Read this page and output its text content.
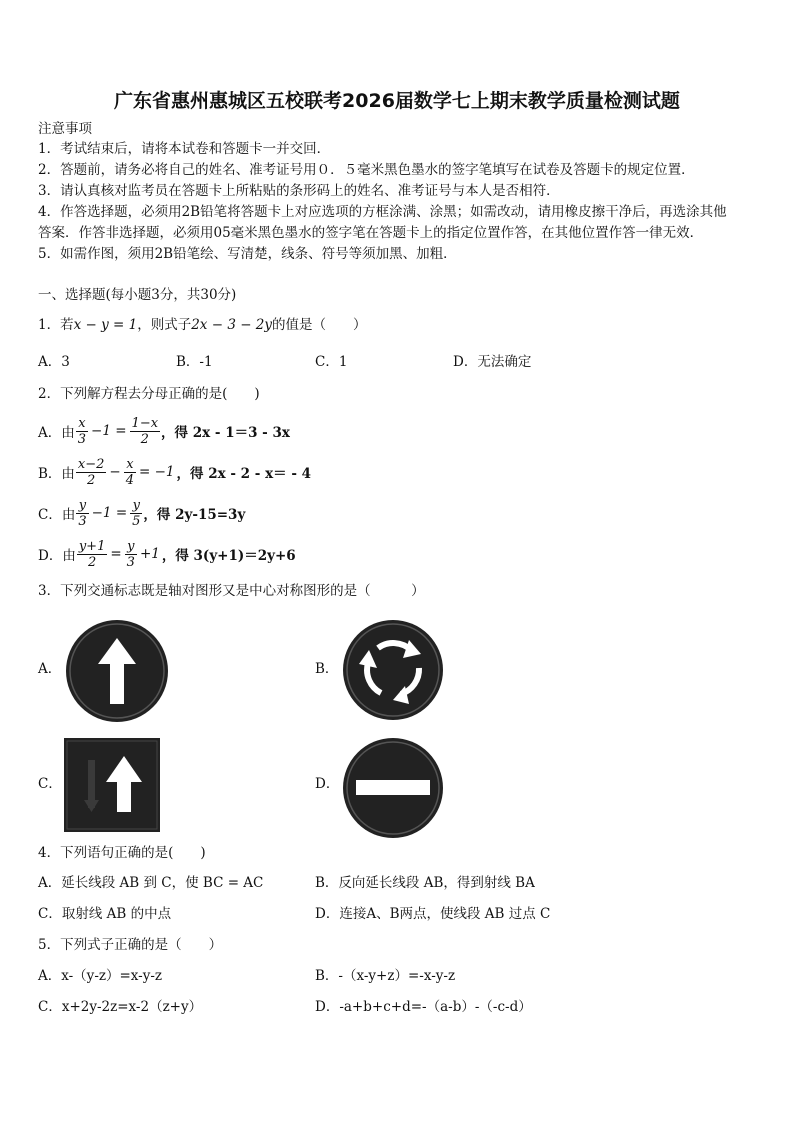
广东省惠州惠城区五校联考2026届数学七上期末教学质量检测试题
注意事项
1．考试结束后，请将本试卷和答题卡一并交回．
2．答题前，请务必将自己的姓名、准考证号用０．５毫米黑色墨水的签字笔填写在试卷及答题卡的规定位置．
3．请认真核对监考员在答题卡上所粘贴的条形码上的姓名、准考证号与本人是否相符．
4．作答选择题，必须用2B铅笔将答题卡上对应选项的方框涂满、涂黑；如需改动，请用橡皮擦干净后，再选涂其他
答案．作答非选择题，必须用05毫米黑色墨水的签字笔在答题卡上的指定位置作答，在其他位置作答一律无效．
5．如需作图，须用2B铅笔绘、写清楚，线条、符号等须加黑、加粗．
一、选择题(每小题3分，共30分)
1．若x − y = 1，则式子2x − 3 − 2y的值是（　　）
A．3	B．-1	C．1	D．无法确定
2．下列解方程去分母正确的是(　　)
A．由 $\frac{x}{3} -1 = \frac{1-x}{2}$ ，得 2x - 1＝3 - 3x
B．由 $\frac{x-2}{2} - \frac{x}{4} = -1$ ，得 2x - 2 - x＝ - 4
C．由 $\frac{y}{3} -1 = \frac{y}{5}$ ，得 2y-15=3y
D．由 $\frac{y+1}{2} = \frac{y}{3} +1$ ，得 3(y+1)＝2y+6
3．下列交通标志既是轴对图形又是中心对称图形的是（　　　）
A．	B．
C．	D．
4．下列语句正确的是(　　)
A．延长线段 AB 到 C，使 BC = AC	B．反向延长线段 AB，得到射线 BA
C．取射线 AB 的中点	D．连接A、B两点，使线段 AB 过点 C
5．下列式子正确的是（　　）
A．x-（y-z）=x-y-z	B．-（x-y+z）=-x-y-z
C．x+2y-2z=x-2（z+y）	D．-a+b+c+d=-（a-b）-（-c-d）
